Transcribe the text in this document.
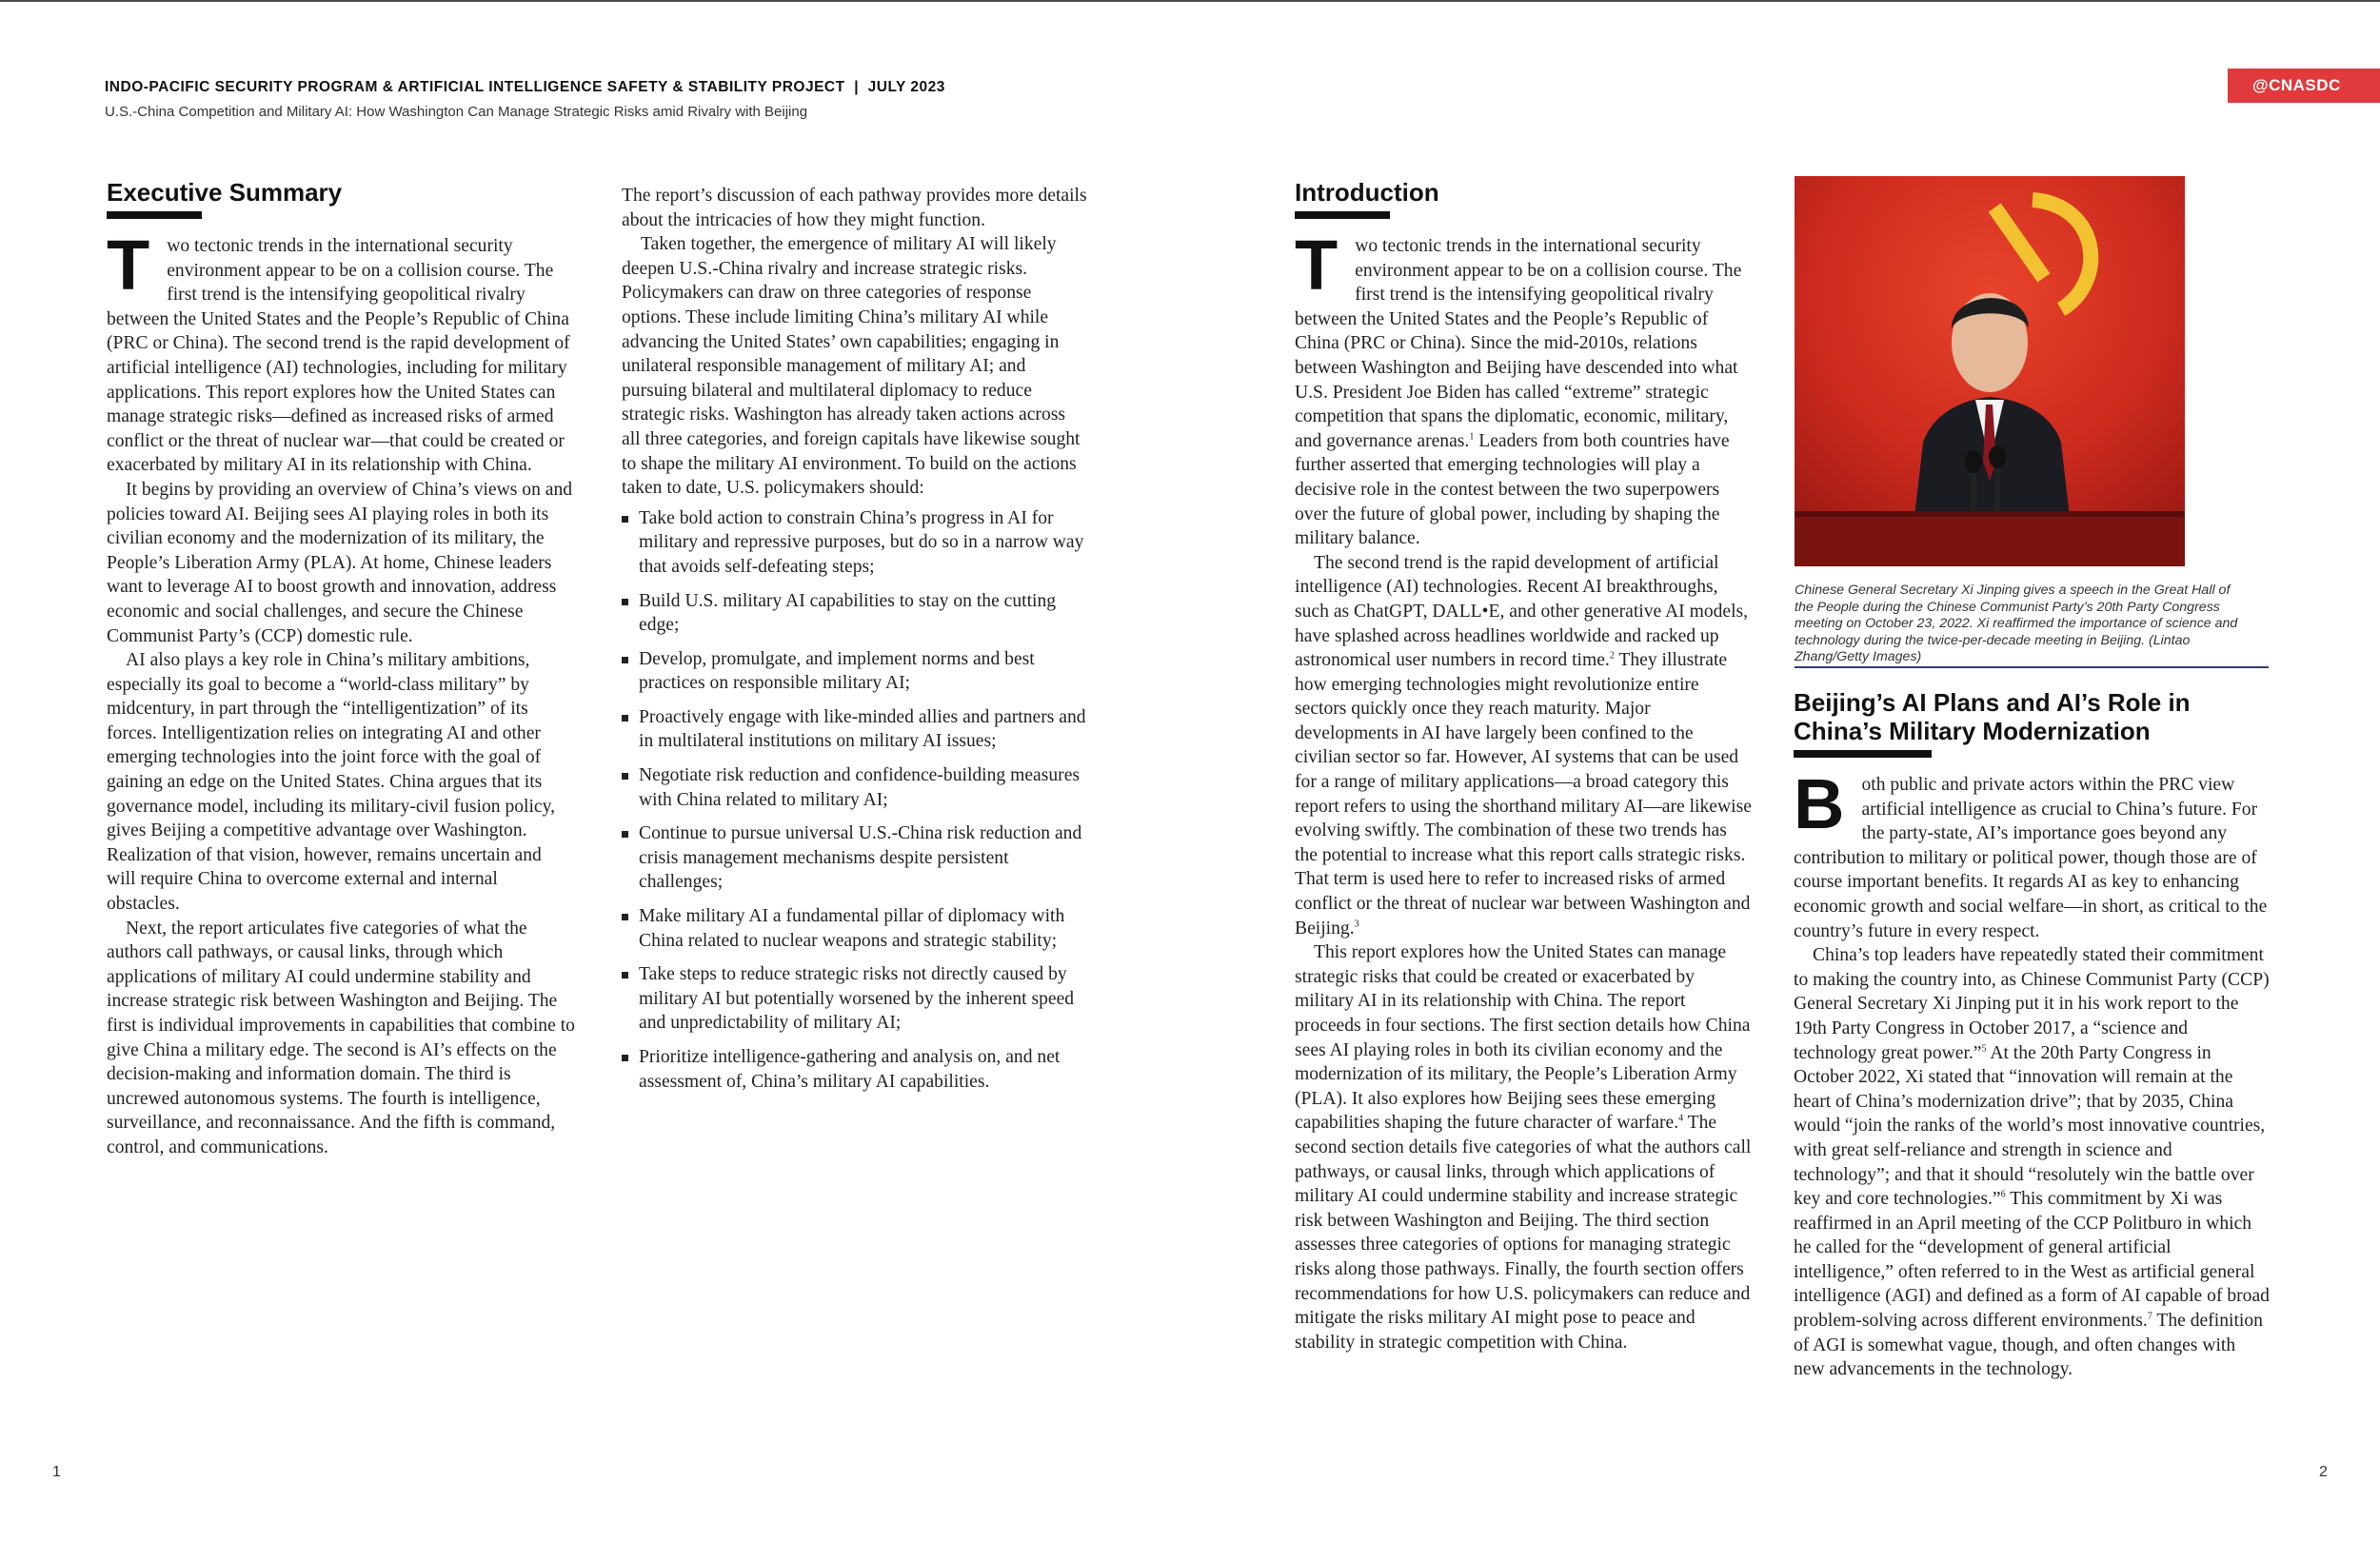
INDO-PACIFIC SECURITY PROGRAM & ARTIFICIAL INTELLIGENCE SAFETY & STABILITY PROJECT  |  JULY 2023
U.S.-China Competition and Military AI: How Washington Can Manage Strategic Risks amid Rivalry with Beijing
@CNASDC
Executive Summary

Two tectonic trends in the international security environment appear to be on a collision course. The first trend is the intensifying geopolitical rivalry between the United States and the People’s Republic of China (PRC or China). The second trend is the rapid development of artificial intelligence (AI) technologies, including for military applications. This report explores how the United States can manage strategic risks—defined as increased risks of armed conflict or the threat of nuclear war—that could be created or exacerbated by military AI in its relationship with China.

It begins by providing an overview of China’s views on and policies toward AI. Beijing sees AI playing roles in both its civilian economy and the modernization of its military, the People’s Liberation Army (PLA). At home, Chinese leaders want to leverage AI to boost growth and innovation, address economic and social challenges, and secure the Chinese Communist Party’s (CCP) domestic rule.

AI also plays a key role in China’s military ambitions, especially its goal to become a “world-class military” by midcentury, in part through the “intelligentization” of its forces. Intelligentization relies on integrating AI and other emerging technologies into the joint force with the goal of gaining an edge on the United States. China argues that its governance model, including its military-civil fusion policy, gives Beijing a competitive advantage over Washington. Realization of that vision, however, remains uncertain and will require China to overcome external and internal obstacles.

Next, the report articulates five categories of what the authors call pathways, or causal links, through which applications of military AI could undermine stability and increase strategic risk between Washington and Beijing. The first is individual improvements in capabilities that combine to give China a military edge. The second is AI’s effects on the decision-making and information domain. The third is uncrewed autonomous systems. The fourth is intelligence, surveillance, and reconnaissance. And the fifth is command, control, and communications.

The report’s discussion of each pathway provides more details about the intricacies of how they might function.

Taken together, the emergence of military AI will likely deepen U.S.-China rivalry and increase strategic risks. Policymakers can draw on three categories of response options. These include limiting China’s military AI while advancing the United States’ own capabilities; engaging in unilateral responsible management of military AI; and pursuing bilateral and multilateral diplomacy to reduce strategic risks. Washington has already taken actions across all three categories, and foreign capitals have likewise sought to shape the military AI environment. To build on the actions taken to date, U.S. policymakers should:

Take bold action to constrain China’s progress in AI for military and repressive purposes, but do so in a narrow way that avoids self-defeating steps;
Build U.S. military AI capabilities to stay on the cutting edge;
Develop, promulgate, and implement norms and best practices on responsible military AI;
Proactively engage with like-minded allies and partners and in multilateral institutions on military AI issues;
Negotiate risk reduction and confidence-building measures with China related to military AI;
Continue to pursue universal U.S.-China risk reduction and crisis management mechanisms despite persistent challenges;
Make military AI a fundamental pillar of diplomacy with China related to nuclear weapons and strategic stability;
Take steps to reduce strategic risks not directly caused by military AI but potentially worsened by the inherent speed and unpredictability of military AI;
Prioritize intelligence-gathering and analysis on, and net assessment of, China’s military AI capabilities.
Introduction

Two tectonic trends in the international security environment appear to be on a collision course. The first trend is the intensifying geopolitical rivalry between the United States and the People’s Republic of China (PRC or China). Since the mid-2010s, relations between Washington and Beijing have descended into what U.S. President Joe Biden has called “extreme” strategic competition that spans the diplomatic, economic, military, and governance arenas.$^1$ Leaders from both countries have further asserted that emerging technologies will play a decisive role in the contest between the two superpowers over the future of global power, including by shaping the military balance.

The second trend is the rapid development of artificial intelligence (AI) technologies. Recent AI breakthroughs, such as ChatGPT, DALL•E, and other generative AI models, have splashed across headlines worldwide and racked up astronomical user numbers in record time.$^2$ They illustrate how emerging technologies might revolutionize entire sectors quickly once they reach maturity. Major developments in AI have largely been confined to the civilian sector so far. However, AI systems that can be used for a range of military applications—a broad category this report refers to using the shorthand military AI—are likewise evolving swiftly. The combination of these two trends has the potential to increase what this report calls strategic risks. That term is used here to refer to increased risks of armed conflict or the threat of nuclear war between Washington and Beijing.$^3$

This report explores how the United States can manage strategic risks that could be created or exacerbated by military AI in its relationship with China. The report proceeds in four sections. The first section details how China sees AI playing roles in both its civilian economy and the modernization of its military, the People’s Liberation Army (PLA). It also explores how Beijing sees these emerging capabilities shaping the future character of warfare.$^4$ The second section details five categories of what the authors call pathways, or causal links, through which applications of military AI could undermine stability and increase strategic risk between Washington and Beijing. The third section assesses three categories of options for managing strategic risks along those pathways. Finally, the fourth section offers recommendations for how U.S. policymakers can reduce and mitigate the risks military AI might pose to peace and stability in strategic competition with China.

Chinese General Secretary Xi Jinping gives a speech in the Great Hall of the People during the Chinese Communist Party’s 20th Party Congress meeting on October 23, 2022. Xi reaffirmed the importance of science and technology during the twice-per-decade meeting in Beijing. (Lintao Zhang/Getty Images)
Beijing’s AI Plans and AI’s Role in China’s Military Modernization

Both public and private actors within the PRC view artificial intelligence as crucial to China’s future. For the party-state, AI’s importance goes beyond any contribution to military or political power, though those are of course important benefits. It regards AI as key to enhancing economic growth and social welfare—in short, as critical to the country’s future in every respect.

China’s top leaders have repeatedly stated their commitment to making the country into, as Chinese Communist Party (CCP) General Secretary Xi Jinping put it in his work report to the 19th Party Congress in October 2017, a “science and technology great power.”$^5$ At the 20th Party Congress in October 2022, Xi stated that “innovation will remain at the heart of China’s modernization drive”; that by 2035, China would “join the ranks of the world’s most innovative countries, with great self-reliance and strength in science and technology”; and that it should “resolutely win the battle over key and core technologies.”$^6$ This commitment by Xi was reaffirmed in an April meeting of the CCP Politburo in which he called for the “development of general artificial intelligence,” often referred to in the West as artificial general intelligence (AGI) and defined as a form of AI capable of broad problem-solving across different environments.$^7$ The definition of AGI is somewhat vague, though, and often changes with new advancements in the technology.

1	2
